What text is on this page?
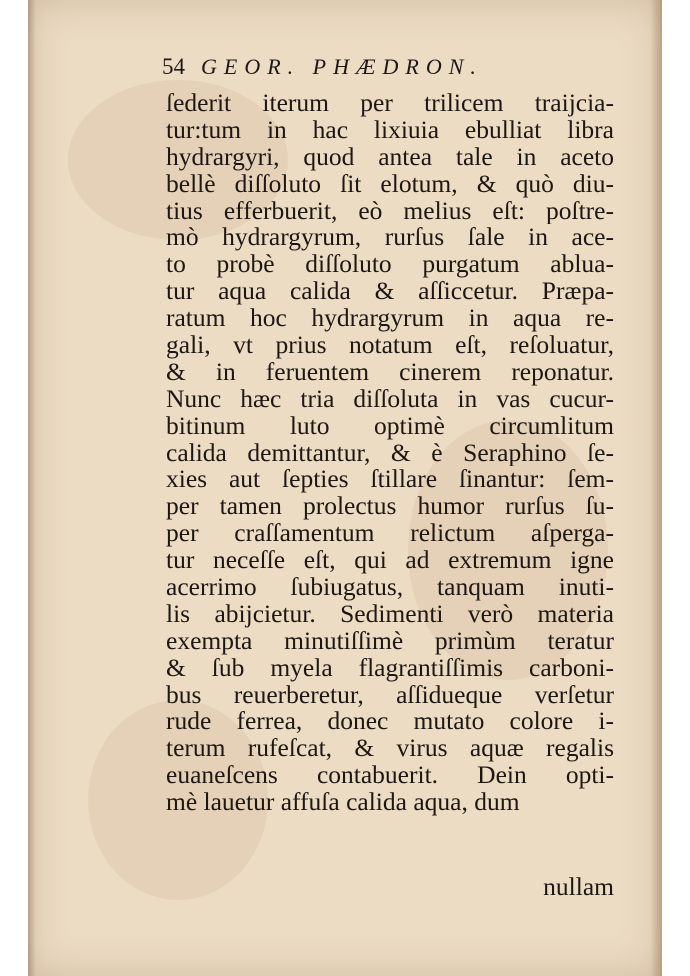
54 GEOR. PHÆDRON.
ſederit iterum per trilicem traijcia-
tur:tum in hac lixiuia ebulliat libra
hydrargyri, quod antea tale in aceto
bellè diſſoluto ſit elotum, & quò diu-
tius efferbuerit, eò melius eſt: poſtre-
mò hydrargyrum, rurſus ſale in ace-
to probè diſſoluto purgatum ablua-
tur aqua calida & aſſiccetur. Præpa-
ratum hoc hydrargyrum in aqua re-
gali, vt prius notatum eſt, reſoluatur,
& in feruentem cinerem reponatur.
Nunc hæc tria diſſoluta in vas cucur-
bitinum luto optimè circumlitum
calida demittantur, & è Seraphino ſe-
xies aut ſepties ſtillare ſinantur: ſem-
per tamen prolectus humor rurſus ſu-
per craſſamentum relictum aſperga-
tur neceſſe eſt, qui ad extremum igne
acerrimo ſubiugatus, tanquam inuti-
lis abijcietur. Sedimenti verò materia
exempta minutiſſimè primùm teratur
& ſub myela flagrantiſſimis carboni-
bus reuerberetur, aſſidueque verſetur
rude ferrea, donec mutato colore i-
terum rufeſcat, & virus aquæ regalis
euaneſcens contabuerit. Dein opti-
mè lauetur affuſa calida aqua, dum
nullam
